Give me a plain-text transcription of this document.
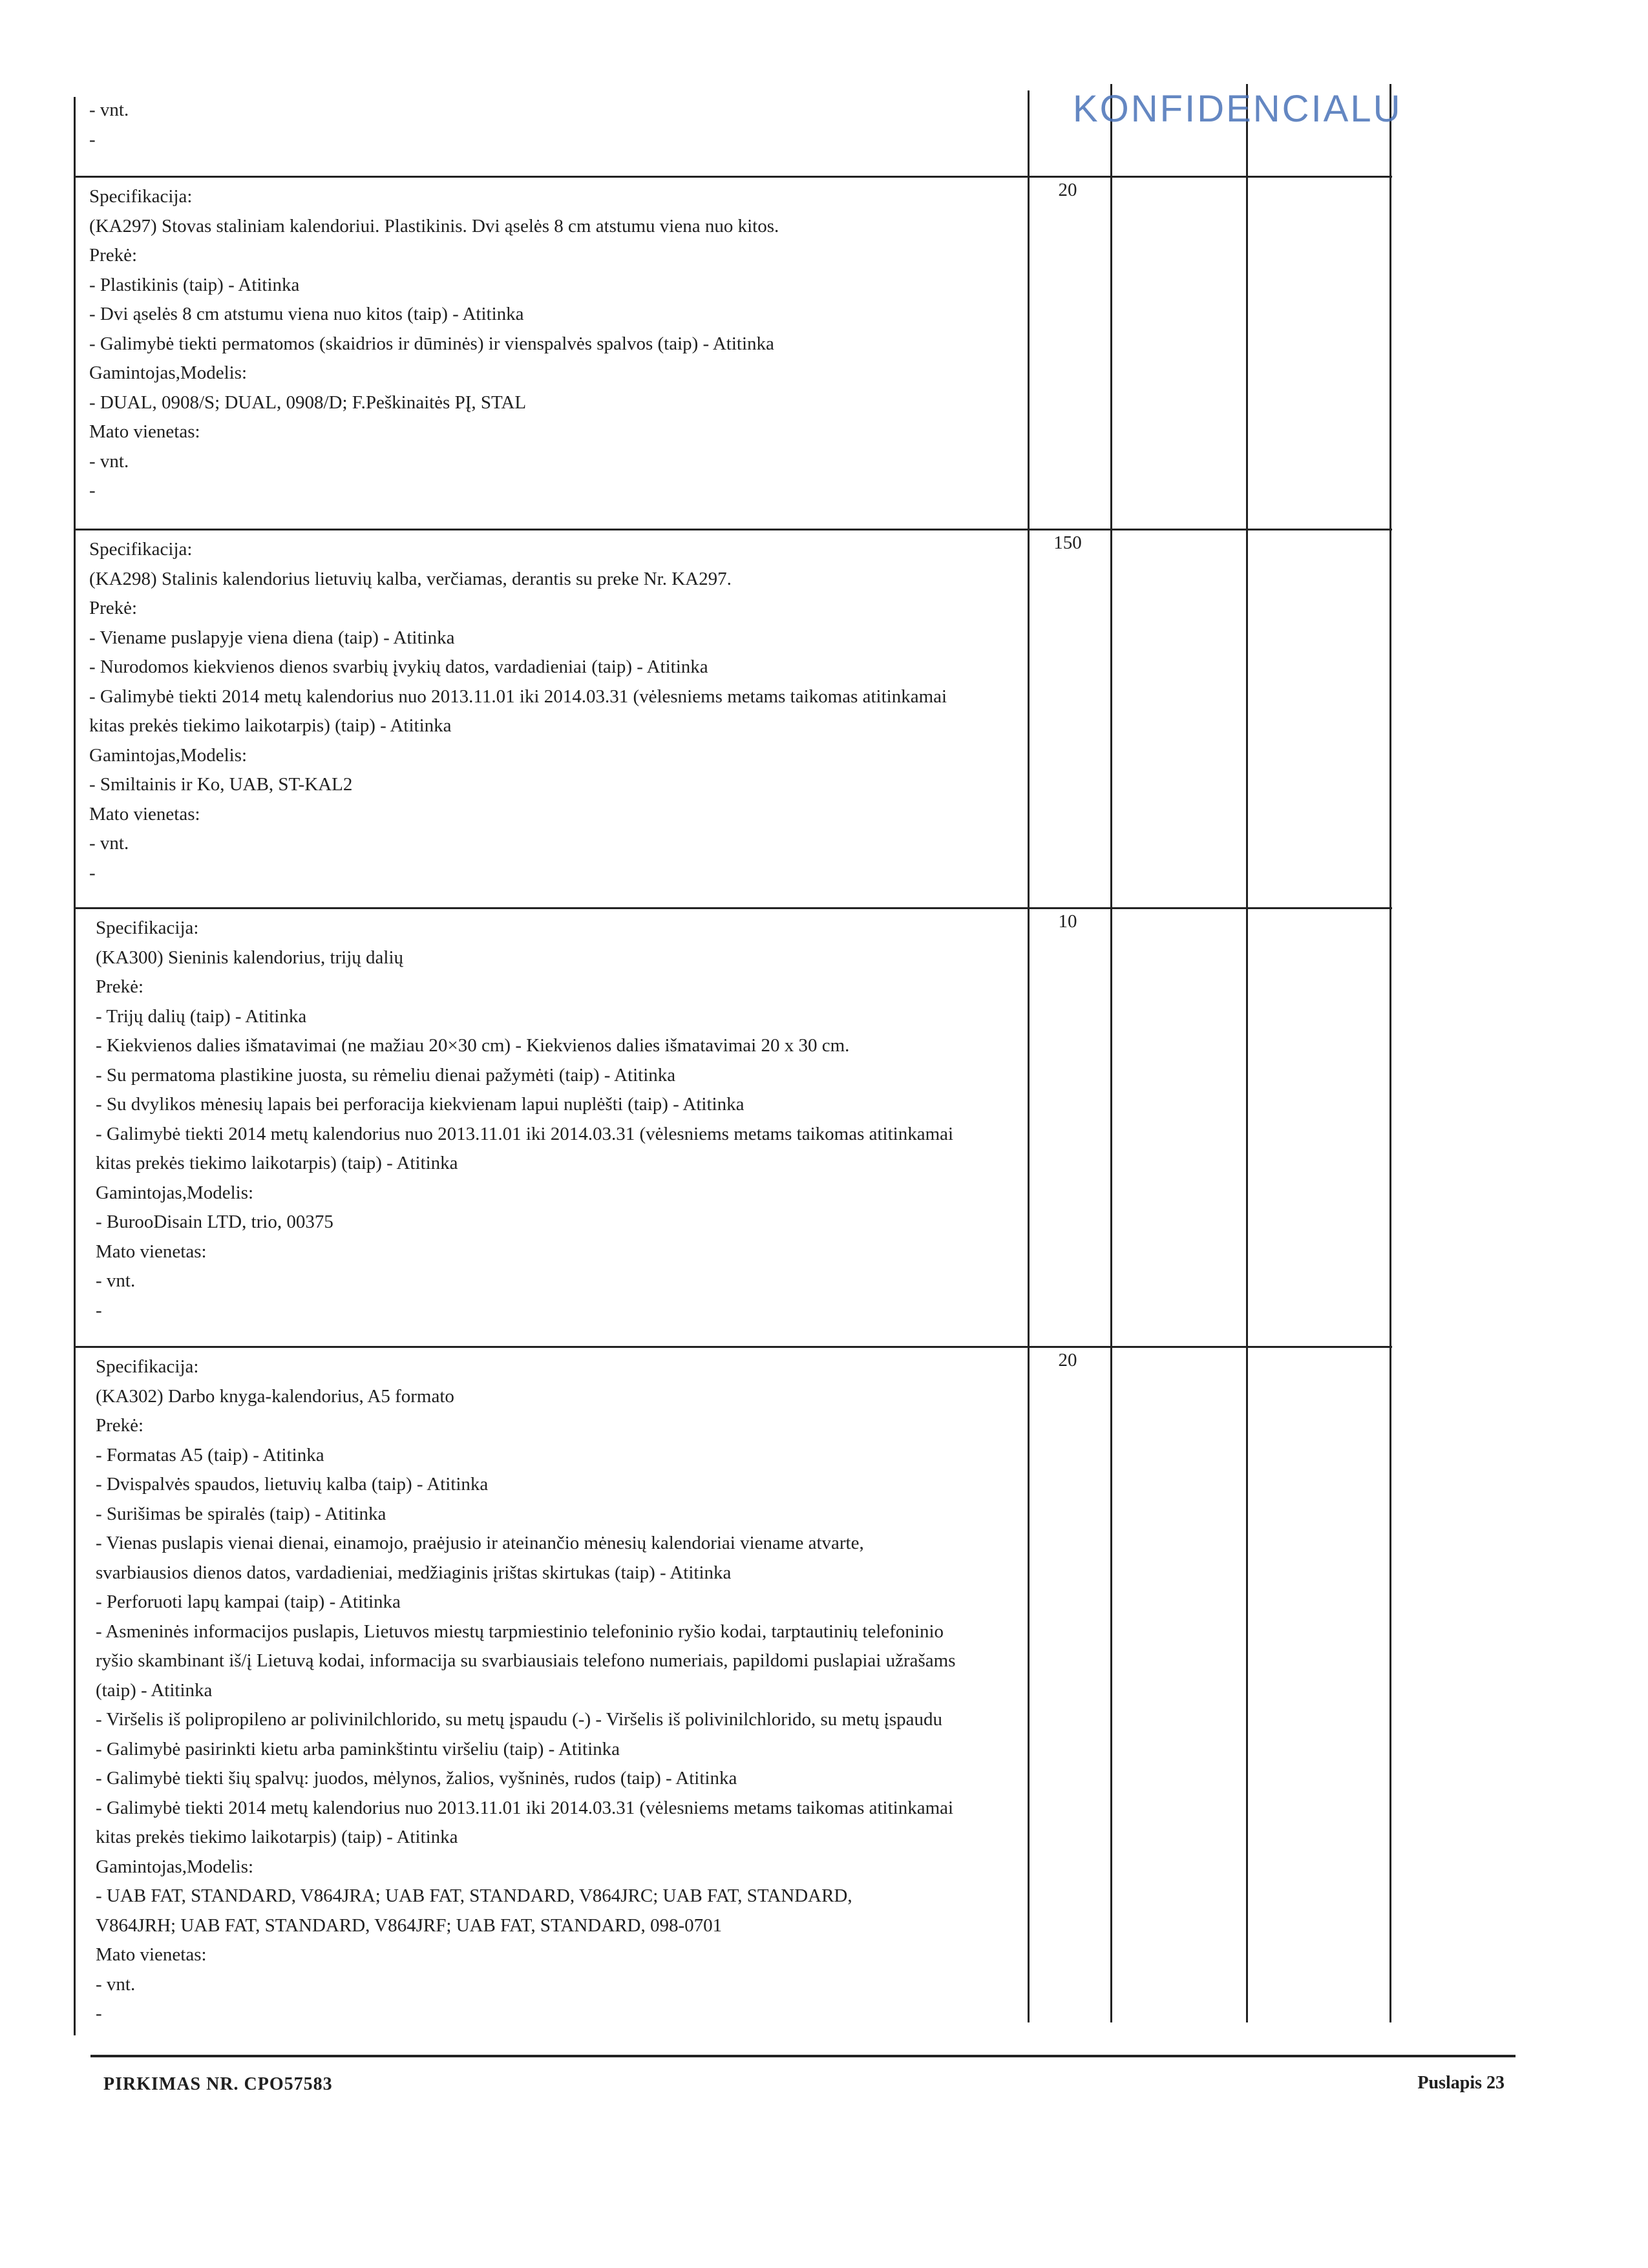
KONFIDENCIALU
- vnt.
-
20
150
10
20
Specifikacija:
(KA297) Stovas staliniam kalendoriui. Plastikinis. Dvi ąselės 8 cm atstumu viena nuo kitos.
Prekė:
- Plastikinis (taip) - Atitinka
- Dvi ąselės 8 cm atstumu viena nuo kitos (taip) - Atitinka
- Galimybė tiekti permatomos (skaidrios ir dūminės) ir vienspalvės spalvos (taip) - Atitinka
Gamintojas,Modelis:
- DUAL, 0908/S; DUAL, 0908/D; F.Peškinaitės PĮ, STAL
Mato vienetas:
- vnt.
-
Specifikacija:
(KA298) Stalinis kalendorius lietuvių kalba, verčiamas, derantis su preke Nr. KA297.
Prekė:
- Viename puslapyje viena diena (taip) - Atitinka
- Nurodomos kiekvienos dienos svarbių įvykių datos, vardadieniai (taip) - Atitinka
- Galimybė tiekti 2014 metų kalendorius nuo 2013.11.01 iki 2014.03.31 (vėlesniems metams taikomas atitinkamai
kitas prekės tiekimo laikotarpis) (taip) - Atitinka
Gamintojas,Modelis:
- Smiltainis ir Ko, UAB, ST-KAL2
Mato vienetas:
- vnt.
-
Specifikacija:
(KA300) Sieninis kalendorius, trijų dalių
Prekė:
- Trijų dalių (taip) - Atitinka
- Kiekvienos dalies išmatavimai (ne mažiau 20×30 cm) - Kiekvienos dalies išmatavimai 20 x 30 cm.
- Su permatoma plastikine juosta, su rėmeliu dienai pažymėti (taip) - Atitinka
- Su dvylikos mėnesių lapais bei perforacija kiekvienam lapui nuplėšti (taip) - Atitinka
- Galimybė tiekti 2014 metų kalendorius nuo 2013.11.01 iki 2014.03.31 (vėlesniems metams taikomas atitinkamai
kitas prekės tiekimo laikotarpis) (taip) - Atitinka
Gamintojas,Modelis:
- BurooDisain LTD, trio, 00375
Mato vienetas:
- vnt.
-
Specifikacija:
(KA302) Darbo knyga-kalendorius, A5 formato
Prekė:
- Formatas A5 (taip) - Atitinka
- Dvispalvės spaudos, lietuvių kalba (taip) - Atitinka
- Surišimas be spiralės (taip) - Atitinka
- Vienas puslapis vienai dienai, einamojo, praėjusio ir ateinančio mėnesių kalendoriai viename atvarte,
svarbiausios dienos datos, vardadieniai, medžiaginis įrištas skirtukas (taip) - Atitinka
- Perforuoti lapų kampai (taip) - Atitinka
- Asmeninės informacijos puslapis, Lietuvos miestų tarpmiestinio telefoninio ryšio kodai, tarptautinių telefoninio
ryšio skambinant iš/į Lietuvą kodai, informacija su svarbiausiais telefono numeriais, papildomi puslapiai užrašams
(taip) - Atitinka
- Viršelis iš polipropileno ar polivinilchlorido, su metų įspaudu (-) - Viršelis iš polivinilchlorido, su metų įspaudu
- Galimybė pasirinkti kietu arba paminkštintu viršeliu (taip) - Atitinka
- Galimybė tiekti šių spalvų: juodos, mėlynos, žalios, vyšninės, rudos (taip) - Atitinka
- Galimybė tiekti 2014 metų kalendorius nuo 2013.11.01 iki 2014.03.31 (vėlesniems metams taikomas atitinkamai
kitas prekės tiekimo laikotarpis) (taip) - Atitinka
Gamintojas,Modelis:
- UAB FAT, STANDARD, V864JRA; UAB FAT, STANDARD, V864JRC; UAB FAT, STANDARD,
V864JRH; UAB FAT, STANDARD, V864JRF; UAB FAT, STANDARD, 098-0701
Mato vienetas:
- vnt.
-
PIRKIMAS NR. CPO57583	Puslapis 23
